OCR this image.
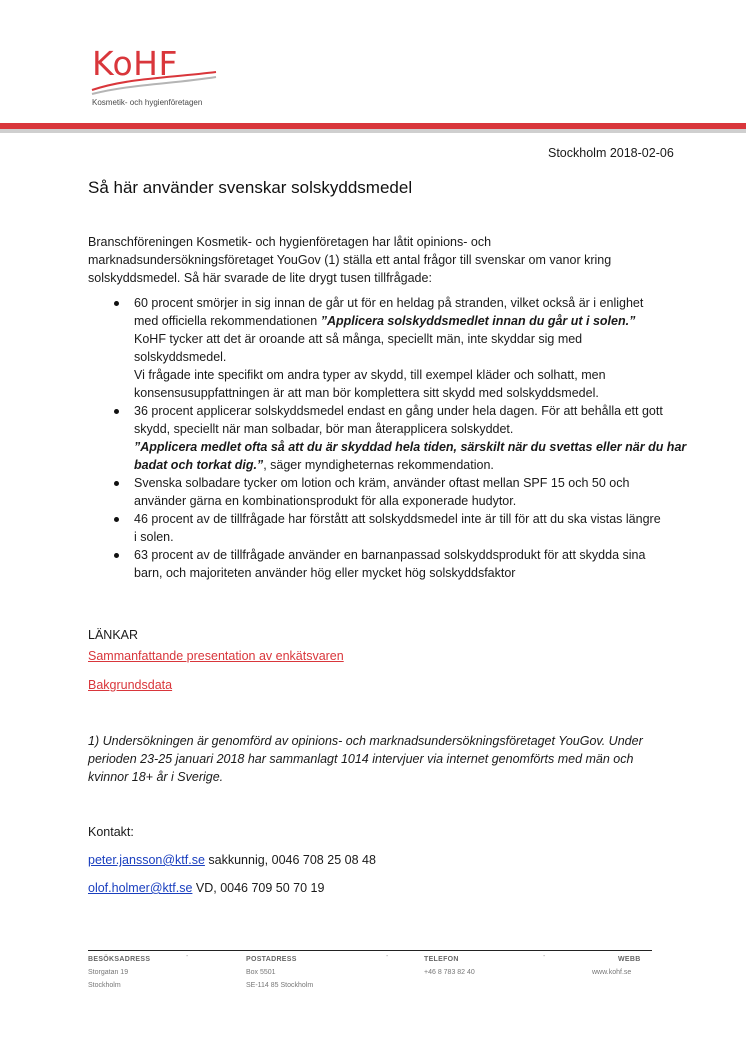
KoHF
Kosmetik- och hygienföretagen
Stockholm 2018-02-06
Så här använder svenskar solskyddsmedel
Branschföreningen Kosmetik- och hygienföretagen har låtit opinions- och
marknadsundersökningsföretaget YouGov (1) ställa ett antal frågor till svenskar om vanor kring
solskyddsmedel. Så här svarade de lite drygt tusen tillfrågade:
60 procent smörjer in sig innan de går ut för en heldag på stranden, vilket också är i enlighet
med officiella rekommendationen ”Applicera solskyddsmedlet innan du går ut i solen.”
KoHF tycker att det är oroande att så många, speciellt män, inte skyddar sig med
solskyddsmedel.
Vi frågade inte specifikt om andra typer av skydd, till exempel kläder och solhatt, men
konsensusuppfattningen är att man bör komplettera sitt skydd med solskyddsmedel.
36 procent applicerar solskyddsmedel endast en gång under hela dagen. För att behålla ett gott
skydd, speciellt när man solbadar, bör man återapplicera solskyddet.
”Applicera medlet ofta så att du är skyddad hela tiden, särskilt när du svettas eller när du har
badat och torkat dig.”, säger myndigheternas rekommendation.
Svenska solbadare tycker om lotion och kräm, använder oftast mellan SPF 15 och 50 och
använder gärna en kombinationsprodukt för alla exponerade hudytor.
46 procent av de tillfrågade har förstått att solskyddsmedel inte är till för att du ska vistas längre
i solen.
63 procent av de tillfrågade använder en barnanpassad solskyddsprodukt för att skydda sina
barn, och majoriteten använder hög eller mycket hög solskyddsfaktor
LÄNKAR
Sammanfattande presentation av enkätsvaren
Bakgrundsdata
1) Undersökningen är genomförd av opinions- och marknadsundersökningsföretaget YouGov. Under
perioden 23-25 januari 2018 har sammanlagt 1014 intervjuer via internet genomförts med män och
kvinnor 18+ år i Sverige.
Kontakt:
peter.jansson@ktf.se sakkunnig, 0046 708 25 08 48
olof.holmer@ktf.se VD, 0046 709 50 70 19
BESÖKSADRESS
Storgatan 19
Stockholm
-	POSTADRESS
Box 5501
SE-114 85 Stockholm
-	TELEFON
+46 8 783 82 40
-	WEBB
www.kohf.se
